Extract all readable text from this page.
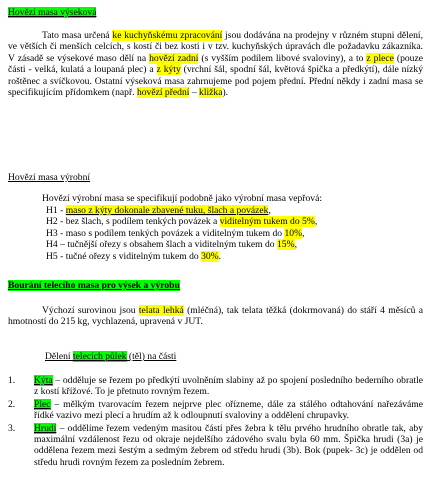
Hovězí masa výseková

Tato masa určená ke kuchyňskému zpracování jsou dodávána na prodejny v různém stupni dělení, ve větších či menších celcích, s kostí či bez kosti i v tzv. kuchyňských úpravách dle požadavku zákazníka. V zásadě se výsekové maso dělí na hovězí zadní (s vyšším podílem libové svaloviny), a to z plece (pouze části - velká, kulatá a loupaná plec) a z kýty (vrchní šál, spodní šál, květová špička a předkýtí), dále nízký roštěnec a svíčkovou. Ostatní výseková masa zahrnujeme pod pojem přední. Přední někdy i zadní masa se specifikujícím přídomkem (např. hovězí přední – kližka).

Hovězí masa výrobní

Hovězí výrobní masa se specifikují podobně jako výrobní masa vepřová:

H1 - maso z kýty dokonale zbavené tuku, šlach a povázek,
H2 - bez šlach, s podílem tenkých povázek a viditelným tukem do 5%,
H3 - maso s podílem tenkých povázek a viditelným tukem do 10%,
H4 – tučnější ořezy s obsahem šlach a viditelným tukem do 15%,
H5 - tučné ořezy s viditelným tukem do 30%.

Bourání telecího masa pro výsek a výrobu

Výchozí surovinou jsou telata lehká (mléčná), tak telata těžká (dokrmovaná) do stáří 4 měsíců a hmotností do 215 kg, vychlazená, upravená v JUT.

Dělení telecích půlek (těl) na části

1. Kýta – odděluje se řezem po předkýtí uvolněním slabiny až po spojení posledního bederního obratle z kostí křížové. To je přetnuto rovným řezem.
2. Plec – mělkým tvarovacím řezem nejprve plec ořízneme, dále za stálého odtahování nařezáváme řídké vazivo mezi plecí a hrudím až k odloupnutí svaloviny a oddělení chrupavky.
3. Hrudí – oddělíme řezem vedeným masitou částí přes žebra k tělu prvého hrudního obratle tak, aby maximální vzdálenost řezu od okraje nejdelšího zádového svalu byla 60 mm. Špička hrudi (3a) je oddělena řezem mezi šestým a sedmým žebrem od středu hrudi (3b). Bok (pupek- 3c) je oddělen od středu hrudi rovným řezem za posledním žebrem.
